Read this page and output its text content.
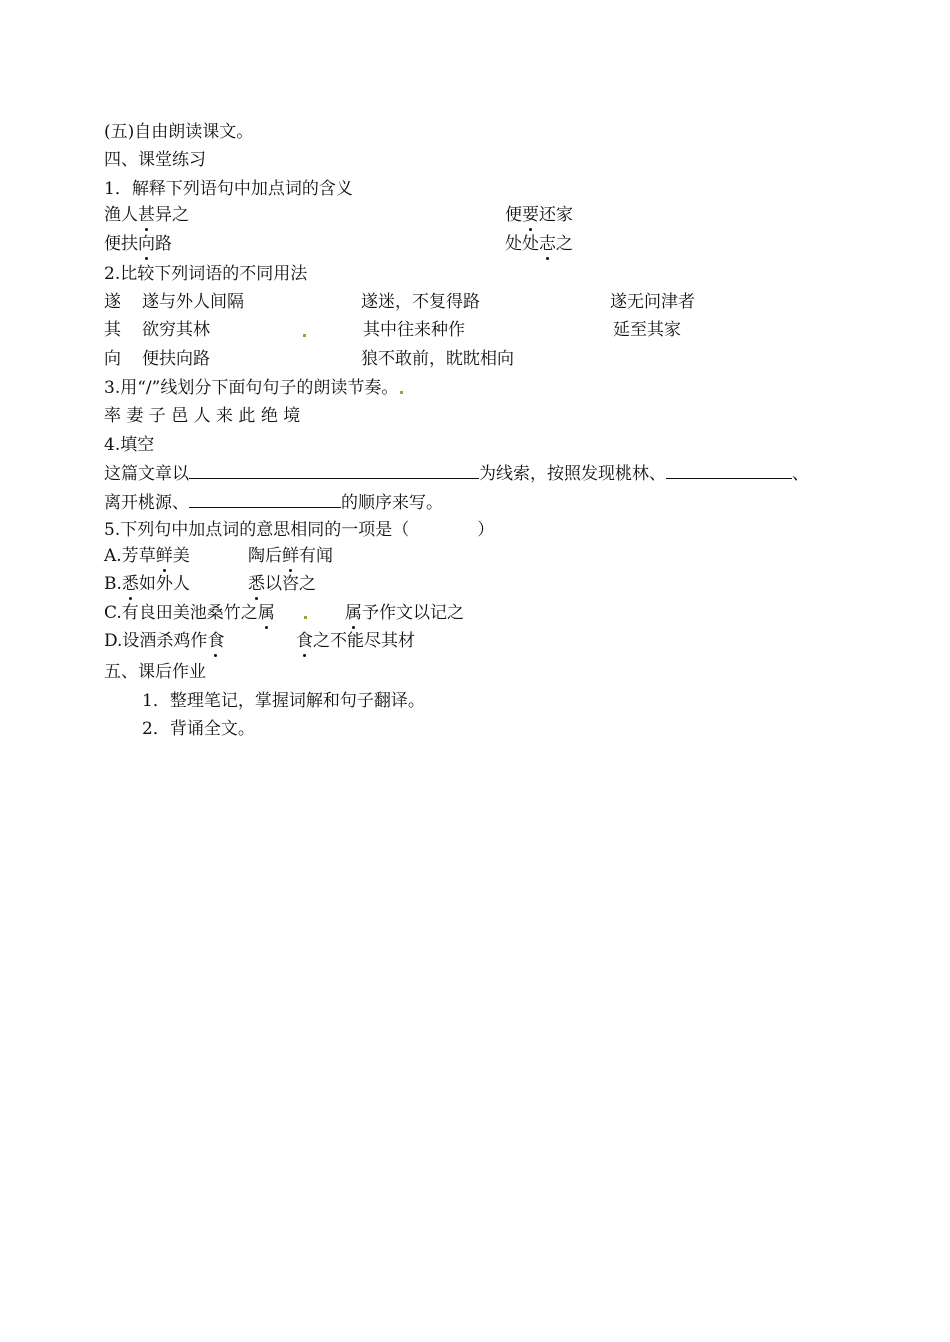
(五)自由朗读课文。
四、课堂练习
1．解释下列语句中加点词的含义
渔人甚异之	便要还家
便扶向路	处处志之
2.比较下列词语的不同用法
遂 遂与外人间隔	遂迷，不复得路	遂无问津者
其 欲穷其林	其中往来种作	延至其家
向 便扶向路	狼不敢前，眈眈相向
3.用“/”线划分下面句句子的朗读节奏。
率 妻 子 邑 人 来 此 绝 境
4.填空
这篇文章以	为线索，按照发现桃林、	、
离开桃源、	的顺序来写。
5.下列句中加点词的意思相同的一项是（　　　　）
A.芳草鲜美	陶后鲜有闻
B.悉如外人	悉以咨之
C.有良田美池桑竹之属	属予作文以记之
D.设酒杀鸡作食	食之不能尽其材
五、课后作业
1．整理笔记，掌握词解和句子翻译。
2．背诵全文。
